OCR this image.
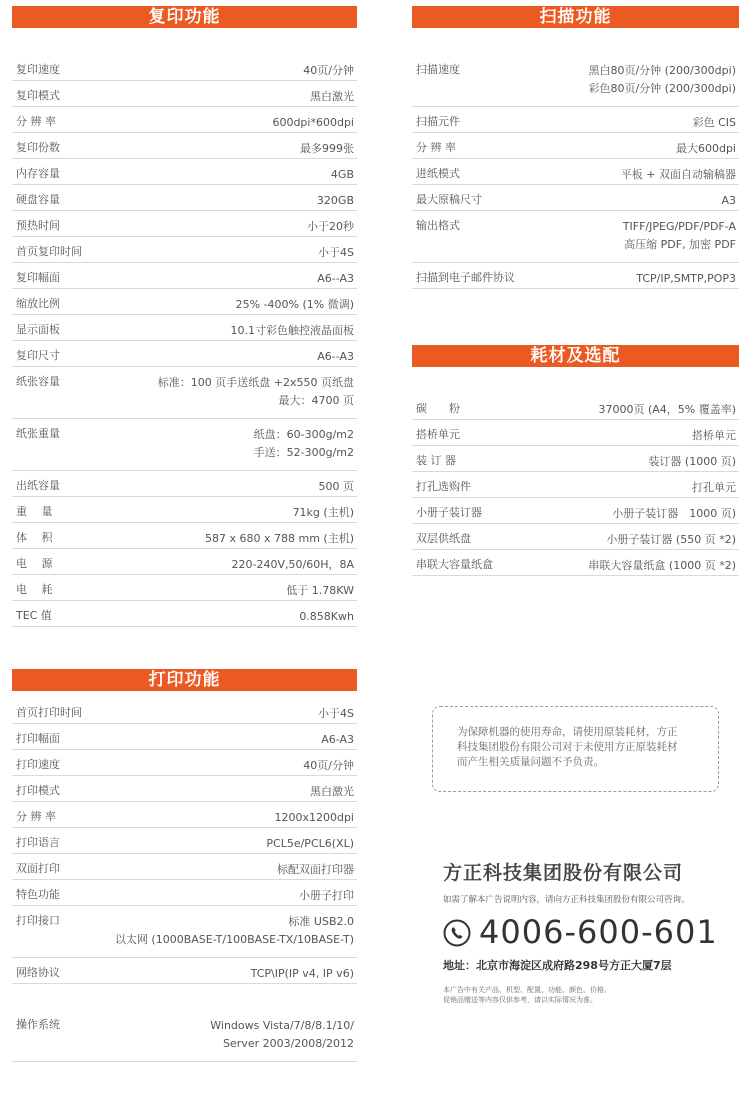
复印功能
复印速度	40页/分钟
复印模式	黑白激光
分 辨 率	600dpi*600dpi
复印份数	最多999张
内存容量	4GB
硬盘容量	320GB
预热时间	小于20秒
首页复印时间	小于4S
复印幅面	A6--A3
缩放比例	25% -400% (1% 微调)
显示面板	10.1寸彩色触控液晶面板
复印尺寸	A6--A3
纸张容量	标准：100 页手送纸盘 +2x550 页纸盘
最大：4700 页
纸张重量	纸盘：60-300g/m2
手送：52-300g/m2
出纸容量	500 页
重　 量	71kg (主机)
体　 积	587 x 680 x 788 mm (主机)
电　 源	220-240V,50/60H，8A
电　 耗	低于 1.78KW
TEC 值	0.858Kwh
扫描功能
扫描速度	黑白80页/分钟 (200/300dpi)
彩色80页/分钟 (200/300dpi)
扫描元件	彩色 CIS
分 辨 率	最大600dpi
进纸模式	平板 + 双面自动输稿器
最大原稿尺寸	A3
输出格式	TIFF/JPEG/PDF/PDF-A
高压缩 PDF, 加密 PDF
扫描到电子邮件协议	TCP/IP,SMTP,POP3
耗材及选配
碳　　粉	37000页 (A4，5% 覆盖率)
搭桥单元	搭桥单元
装 订 器	装订器 (1000 页)
打孔选购件	打孔单元
小册子装订器	小册子装订器　1000 页)
双层供纸盘	小册子装订器 (550 页 *2)
串联大容量纸盒	串联大容量纸盒 (1000 页 *2)
打印功能
首页打印时间	小于4S
打印幅面	A6-A3
打印速度	40页/分钟
打印模式	黑白激光
分 辨 率	1200x1200dpi
打印语言	PCL5e/PCL6(XL)
双面打印	标配双面打印器
特色功能	小册子打印
打印接口	标准 USB2.0
以太网 (1000BASE-T/100BASE-TX/10BASE-T)
网络协议	TCP\IP(IP v4, IP v6)
操作系统	Windows Vista/7/8/8.1/10/
Server 2003/2008/2012
为保障机器的使用寿命，请使用原装耗材，方正
科技集团股份有限公司对于未使用方正原装耗材
而产生相关质量问题不予负责。
方正科技集团股份有限公司
如需了解本广告说明内容，请向方正科技集团股份有限公司咨询。
4006-600-601
地址：北京市海淀区成府路298号方正大厦7层
本广告中有关产品、机型、配置、功能、颜色、价格、
促销品赠送等内容仅供参考，请以实际情况为准。
